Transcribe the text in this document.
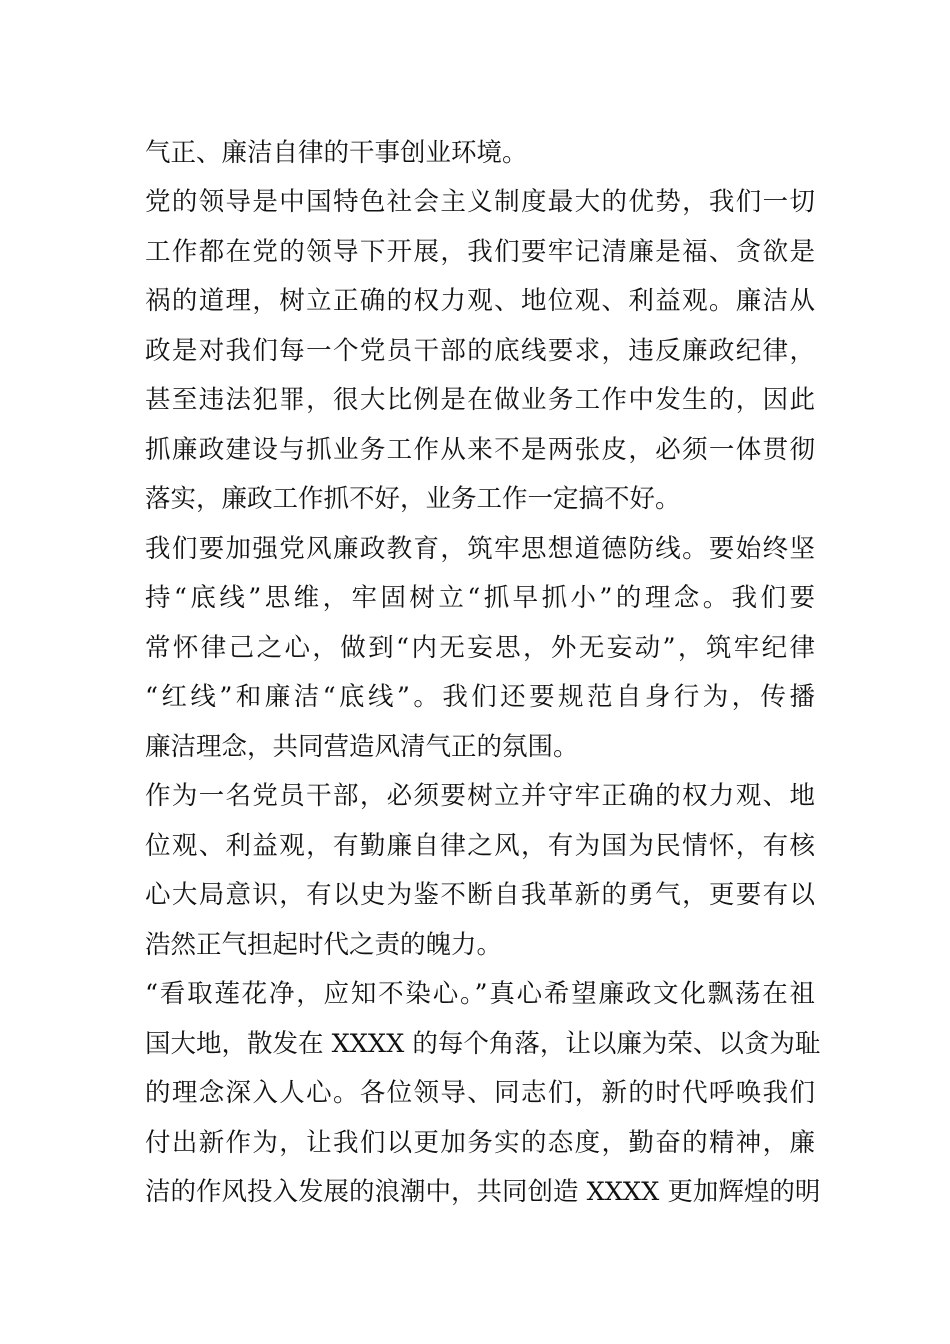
气正、廉洁自律的干事创业环境。
党的领导是中国特色社会主义制度最大的优势，我们一切
工作都在党的领导下开展，我们要牢记清廉是福、贪欲是
祸的道理，树立正确的权力观、地位观、利益观。廉洁从
政是对我们每一个党员干部的底线要求，违反廉政纪律，
甚至违法犯罪，很大比例是在做业务工作中发生的，因此
抓廉政建设与抓业务工作从来不是两张皮，必须一体贯彻
落实，廉政工作抓不好，业务工作一定搞不好。
我们要加强党风廉政教育，筑牢思想道德防线。要始终坚
持“底线”思维，牢固树立“抓早抓小”的理念。我们要
常怀律己之心，做到“内无妄思，外无妄动”，筑牢纪律
“红线”和廉洁“底线”。我们还要规范自身行为，传播
廉洁理念，共同营造风清气正的氛围。
作为一名党员干部，必须要树立并守牢正确的权力观、地
位观、利益观，有勤廉自律之风，有为国为民情怀，有核
心大局意识，有以史为鉴不断自我革新的勇气，更要有以
浩然正气担起时代之责的魄力。
“看取莲花净，应知不染心。”真心希望廉政文化飘荡在祖
国大地，散发在 XXXX 的每个角落，让以廉为荣、以贪为耻
的理念深入人心。各位领导、同志们，新的时代呼唤我们
付出新作为，让我们以更加务实的态度，勤奋的精神，廉
洁的作风投入发展的浪潮中，共同创造 XXXX 更加辉煌的明
